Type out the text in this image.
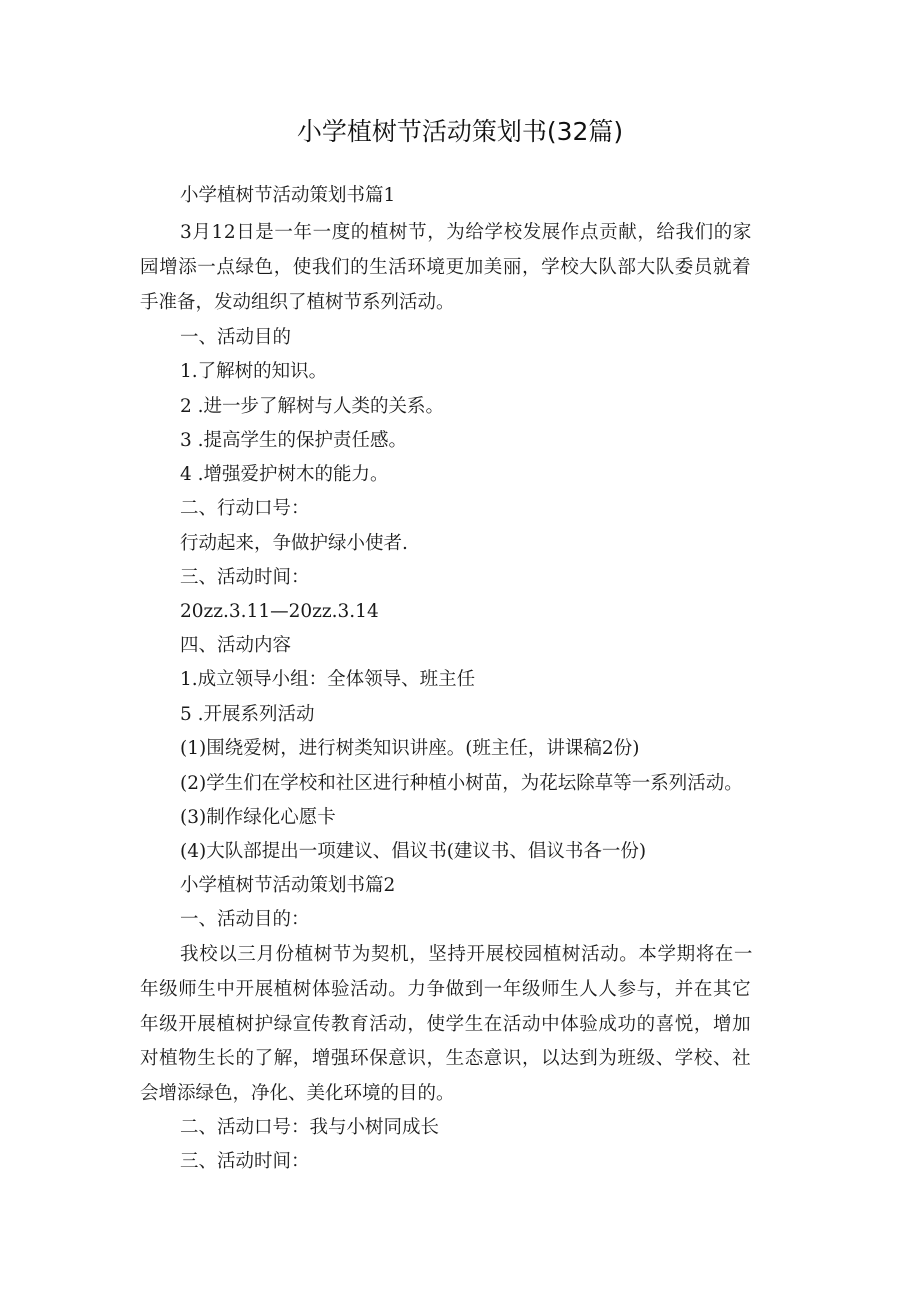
小学植树节活动策划书(32篇)
小学植树节活动策划书篇1
3月12日是一年一度的植树节，为给学校发展作点贡献，给我们的家
园增添一点绿色，使我们的生活环境更加美丽，学校大队部大队委员就着
手准备，发动组织了植树节系列活动。
一、活动目的
1.了解树的知识。
2 .进一步了解树与人类的关系。
3 .提高学生的保护责任感。
4 .增强爱护树木的能力。
二、行动口号：
行动起来，争做护绿小使者.
三、活动时间：
20zz.3.11—20zz.3.14
四、活动内容
1.成立领导小组：全体领导、班主任
5 .开展系列活动
(1)围绕爱树，进行树类知识讲座。(班主任，讲课稿2份)
(2)学生们在学校和社区进行种植小树苗，为花坛除草等一系列活动。
(3)制作绿化心愿卡
(4)大队部提出一项建议、倡议书(建议书、倡议书各一份)
小学植树节活动策划书篇2
一、活动目的：
我校以三月份植树节为契机，坚持开展校园植树活动。本学期将在一
年级师生中开展植树体验活动。力争做到一年级师生人人参与，并在其它
年级开展植树护绿宣传教育活动，使学生在活动中体验成功的喜悦，增加
对植物生长的了解，增强环保意识，生态意识，以达到为班级、学校、社
会增添绿色，净化、美化环境的目的。
二、活动口号：我与小树同成长
三、活动时间：
